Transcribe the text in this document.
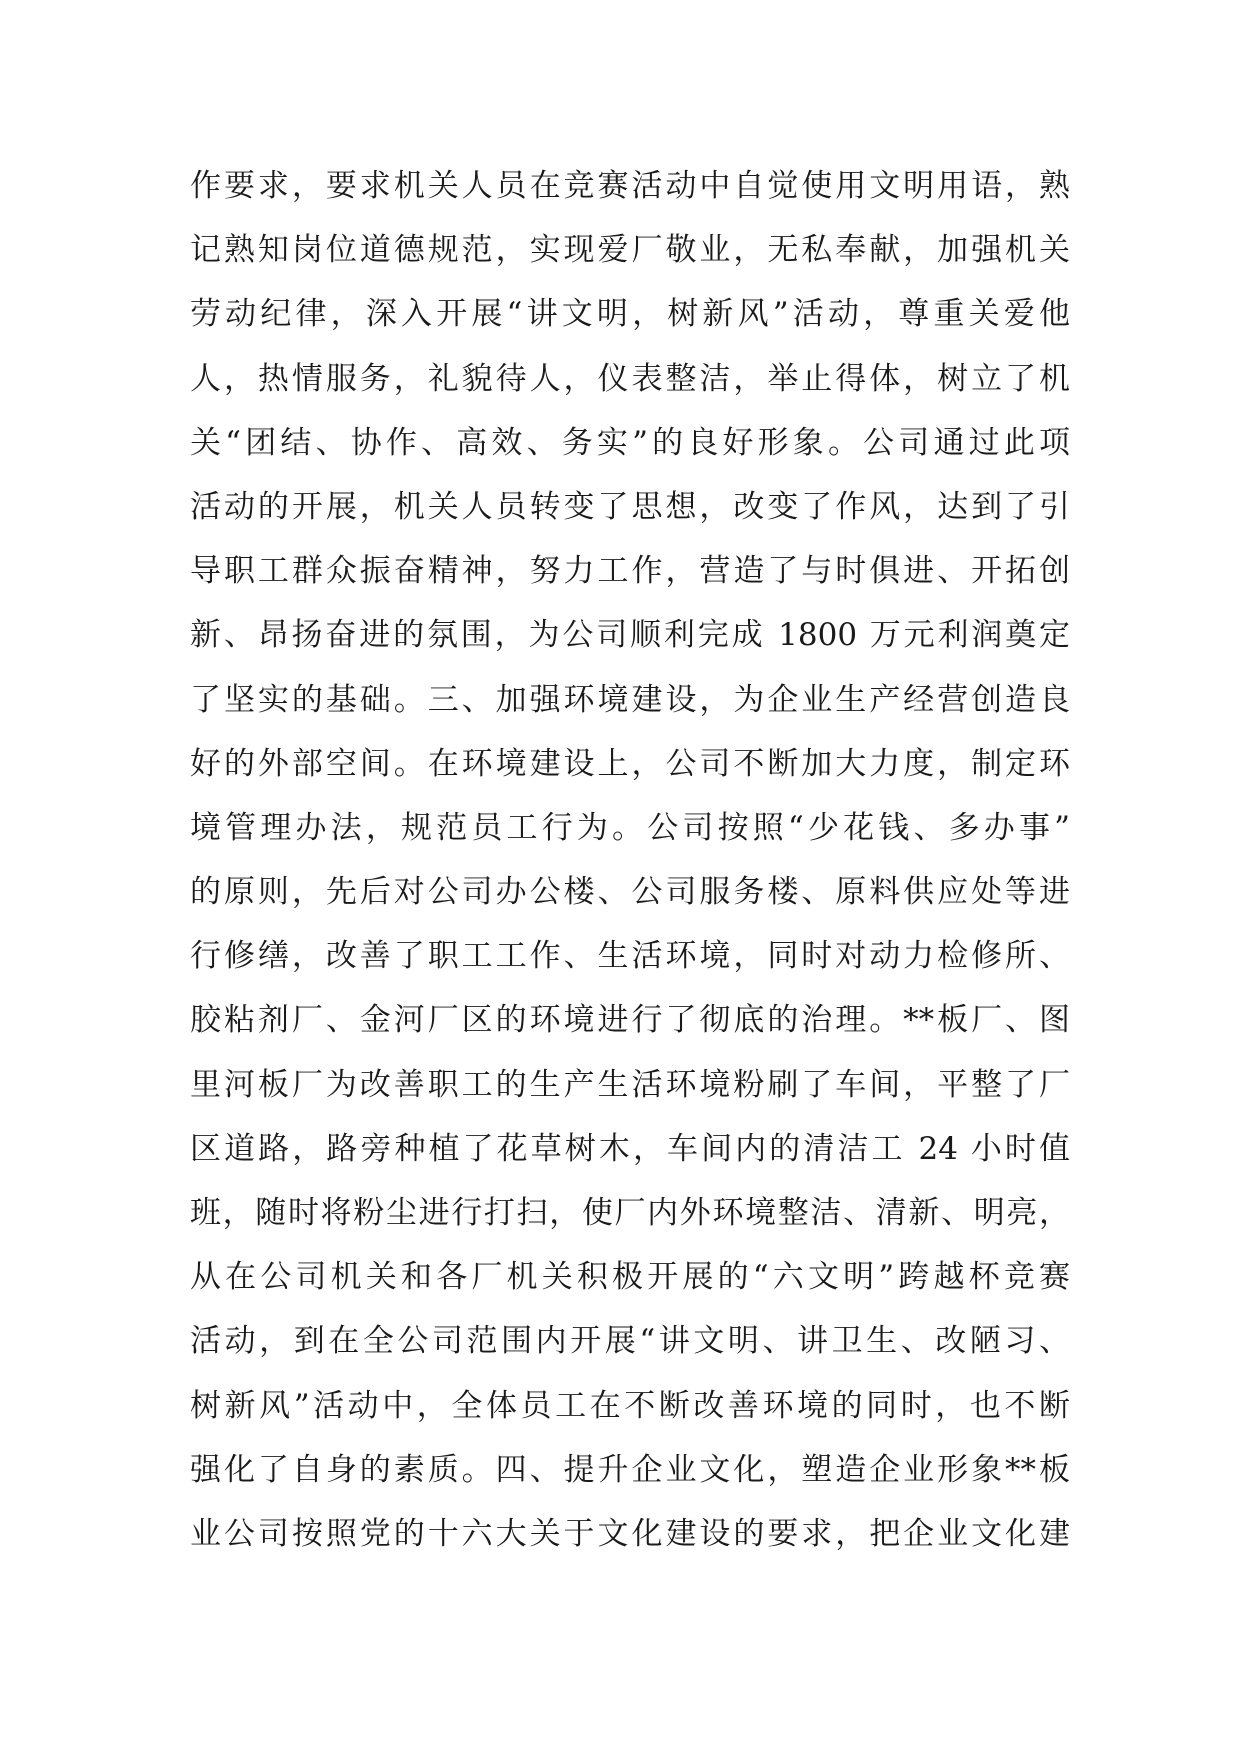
作要求，要求机关人员在竞赛活动中自觉使用文明用语，熟
记熟知岗位道德规范，实现爱厂敬业，无私奉献，加强机关
劳动纪律，深入开展“讲文明，树新风”活动，尊重关爱他
人，热情服务，礼貌待人，仪表整洁，举止得体，树立了机
关“团结、协作、高效、务实”的良好形象。公司通过此项
活动的开展，机关人员转变了思想，改变了作风，达到了引
导职工群众振奋精神，努力工作，营造了与时俱进、开拓创
新、昂扬奋进的氛围，为公司顺利完成 1800 万元利润奠定
了坚实的基础。三、加强环境建设，为企业生产经营创造良
好的外部空间。在环境建设上，公司不断加大力度，制定环
境管理办法，规范员工行为。公司按照“少花钱、多办事”
的原则，先后对公司办公楼、公司服务楼、原料供应处等进
行修缮，改善了职工工作、生活环境，同时对动力检修所、
胶粘剂厂、金河厂区的环境进行了彻底的治理。**板厂、图
里河板厂为改善职工的生产生活环境粉刷了车间，平整了厂
区道路，路旁种植了花草树木，车间内的清洁工 24 小时值
班，随时将粉尘进行打扫，使厂内外环境整洁、清新、明亮，
从在公司机关和各厂机关积极开展的“六文明”跨越杯竞赛
活动，到在全公司范围内开展“讲文明、讲卫生、改陋习、
树新风”活动中，全体员工在不断改善环境的同时，也不断
强化了自身的素质。四、提升企业文化，塑造企业形象**板
业公司按照党的十六大关于文化建设的要求，把企业文化建
